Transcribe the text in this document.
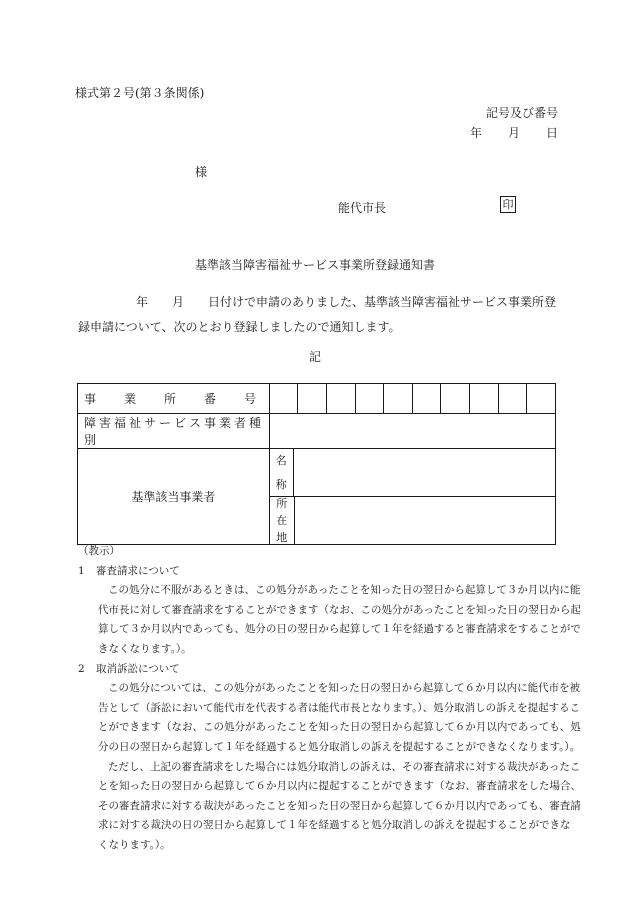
様式第２号(第３条関係)
記号及び番号
年 月 日
様
能代市長	印
基準該当障害福祉サービス事業所登録通知書
年 月 日付けで申請のありました、基準該当障害福祉サービス事業所登
録申請について、次のとおり登録しましたので通知します。
記
事 業 所 番 号										

障害福祉サービス事業者種別										

基準該当事業者	名
称									

	所
在
地									
（教示）
1 審査請求について
この処分に不服があるときは、この処分があったことを知った日の翌日から起算して３か月以内に能
代市長に対して審査請求をすることができます（なお、この処分があったことを知った日の翌日から起
算して３か月以内であっても、処分の日の翌日から起算して１年を経過すると審査請求をすることがで
きなくなります。）。
2 取消訴訟について
この処分については、この処分があったことを知った日の翌日から起算して６か月以内に能代市を被
告として（訴訟において能代市を代表する者は能代市長となります。）、処分取消しの訴えを提起するこ
とができます（なお、この処分があったことを知った日の翌日から起算して６か月以内であっても、処
分の日の翌日から起算して１年を経過すると処分取消しの訴えを提起することができなくなります。）。
ただし、上記の審査請求をした場合には処分取消しの訴えは、その審査請求に対する裁決があったこ
とを知った日の翌日から起算して６か月以内に提起することができます（なお、審査請求をした場合、
その審査請求に対する裁決があったことを知った日の翌日から起算して６か月以内であっても、審査請
求に対する裁決の日の翌日から起算して１年を経過すると処分取消しの訴えを提起することができな
くなります。）。
